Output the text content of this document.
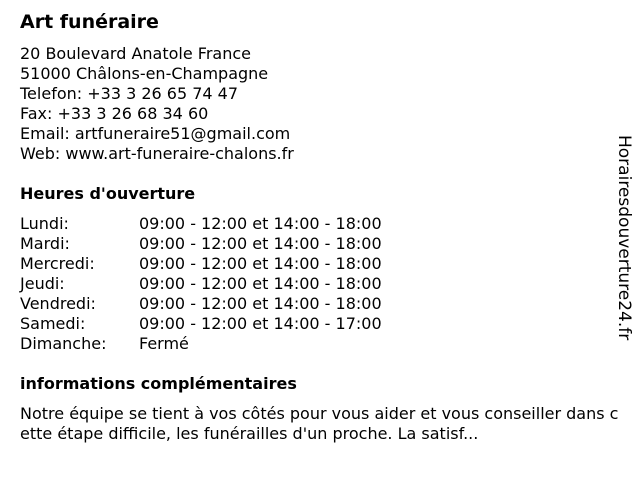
Art funéraire
20 Boulevard Anatole France
51000 Châlons-en-Champagne
Telefon: +33 3 26 65 74 47
Fax: +33 3 26 68 34 60
Email: artfuneraire51@gmail.com
Web: www.art-funeraire-chalons.fr
Heures d'ouverture
Lundi:	09:00 - 12:00 et 14:00 - 18:00
Mardi:	09:00 - 12:00 et 14:00 - 18:00
Mercredi:	09:00 - 12:00 et 14:00 - 18:00
Jeudi:	09:00 - 12:00 et 14:00 - 18:00
Vendredi:	09:00 - 12:00 et 14:00 - 18:00
Samedi:	09:00 - 12:00 et 14:00 - 17:00
Dimanche: Fermé
informations complémentaires

Notre équipe se tient à vos côtés pour vous aider et vous conseiller dans cette étape difficile, les funérailles d'un proche. La satisf...

Horairesdouverture24.fr
